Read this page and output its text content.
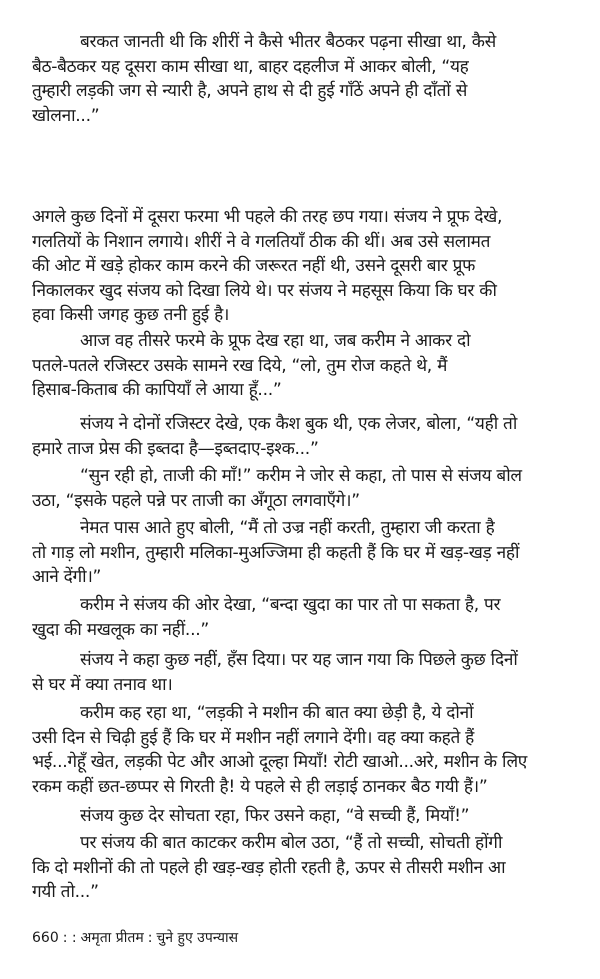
बरकत जानती थी कि शीरीं ने कैसे भीतर बैठकर पढ़ना सीखा था, कैसे
बैठ-बैठकर यह दूसरा काम सीखा था, बाहर दहलीज में आकर बोली, “यह
तुम्हारी लड़की जग से न्यारी है, अपने हाथ से दी हुई गाँठें अपने ही दाँतों से
खोलना...”
अगले कुछ दिनों में दूसरा फरमा भी पहले की तरह छप गया। संजय ने प्रूफ देखे,
गलतियों के निशान लगाये। शीरीं ने वे गलतियाँ ठीक की थीं। अब उसे सलामत
की ओट में खड़े होकर काम करने की जरूरत नहीं थी, उसने दूसरी बार प्रूफ
निकालकर खुद संजय को दिखा लिये थे। पर संजय ने महसूस किया कि घर की
हवा किसी जगह कुछ तनी हुई है।
आज वह तीसरे फरमे के प्रूफ देख रहा था, जब करीम ने आकर दो
पतले-पतले रजिस्टर उसके सामने रख दिये, “लो, तुम रोज कहते थे, मैं
हिसाब-किताब की कापियाँ ले आया हूँ...”
संजय ने दोनों रजिस्टर देखे, एक कैश बुक थी, एक लेजर, बोला, “यही तो
हमारे ताज प्रेस की इब्तदा है—इब्तदाए-इश्क...”
“सुन रही हो, ताजी की माँ!” करीम ने जोर से कहा, तो पास से संजय बोल
उठा, “इसके पहले पन्ने पर ताजी का अँगूठा लगवाएँगे।”
नेमत पास आते हुए बोली, “मैं तो उज्र नहीं करती, तुम्हारा जी करता है
तो गाड़ लो मशीन, तुम्हारी मलिका-मुअज्जिमा ही कहती हैं कि घर में खड़-खड़ नहीं
आने देंगी।”
करीम ने संजय की ओर देखा, “बन्दा खुदा का पार तो पा सकता है, पर
खुदा की मखलूक का नहीं...”
संजय ने कहा कुछ नहीं, हँस दिया। पर यह जान गया कि पिछले कुछ दिनों
से घर में क्या तनाव था।
करीम कह रहा था, “लड़की ने मशीन की बात क्या छेड़ी है, ये दोनों
उसी दिन से चिढ़ी हुई हैं कि घर में मशीन नहीं लगाने देंगी। वह क्या कहते हैं
भई...गेहूँ खेत, लड़की पेट और आओ दूल्हा मियाँ! रोटी खाओ...अरे, मशीन के लिए
रकम कहीं छत-छप्पर से गिरती है! ये पहले से ही लड़ाई ठानकर बैठ गयी हैं।”
संजय कुछ देर सोचता रहा, फिर उसने कहा, “वे सच्ची हैं, मियाँ!”
पर संजय की बात काटकर करीम बोल उठा, “हैं तो सच्ची, सोचती होंगी
कि दो मशीनों की तो पहले ही खड़-खड़ होती रहती है, ऊपर से तीसरी मशीन आ
गयी तो...”
660 : : अमृता प्रीतम : चुने हुए उपन्यास
